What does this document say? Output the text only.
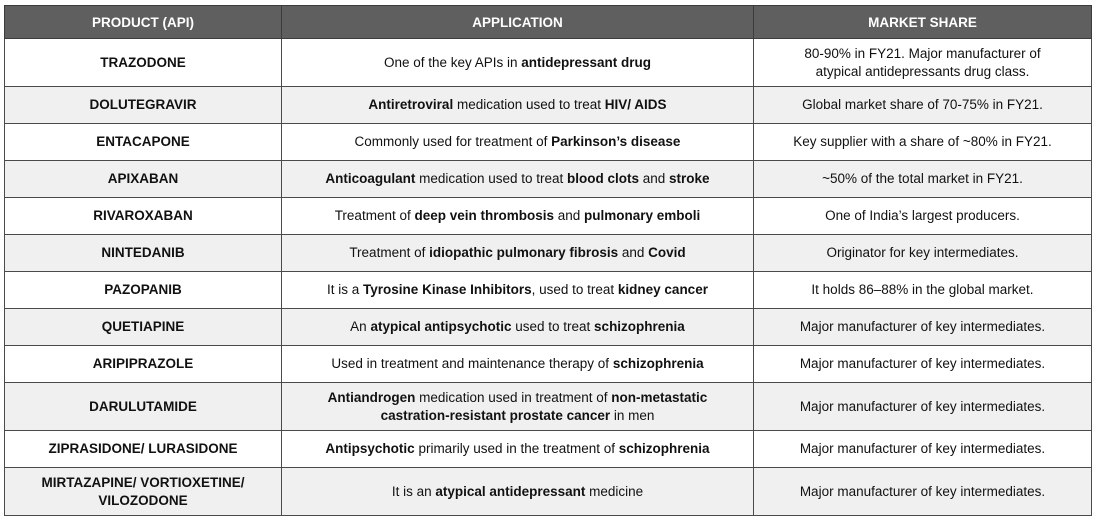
PRODUCT (API)	APPLICATION	MARKET SHARE
TRAZODONE	One of the key APIs in antidepressant drug	80-90% in FY21. Major manufacturer of
atypical antidepressants drug class.
DOLUTEGRAVIR	Antiretroviral medication used to treat HIV/ AIDS	Global market share of 70-75% in FY21.
ENTACAPONE	Commonly used for treatment of Parkinson’s disease	Key supplier with a share of ~80% in FY21.
APIXABAN	Anticoagulant medication used to treat blood clots and stroke	~50% of the total market in FY21.
RIVAROXABAN	Treatment of deep vein thrombosis and pulmonary emboli	One of India’s largest producers.
NINTEDANIB	Treatment of idiopathic pulmonary fibrosis and Covid	Originator for key intermediates.
PAZOPANIB	It is a Tyrosine Kinase Inhibitors, used to treat kidney cancer	It holds 86–88% in the global market.
QUETIAPINE	An atypical antipsychotic used to treat schizophrenia	Major manufacturer of key intermediates.
ARIPIPRAZOLE	Used in treatment and maintenance therapy of schizophrenia	Major manufacturer of key intermediates.
DARULUTAMIDE	Antiandrogen medication used in treatment of non-metastatic
castration-resistant prostate cancer in men	Major manufacturer of key intermediates.
ZIPRASIDONE/ LURASIDONE	Antipsychotic primarily used in the treatment of schizophrenia	Major manufacturer of key intermediates.
MIRTAZAPINE/ VORTIOXETINE/
VILOZODONE	It is an atypical antidepressant medicine	Major manufacturer of key intermediates.
